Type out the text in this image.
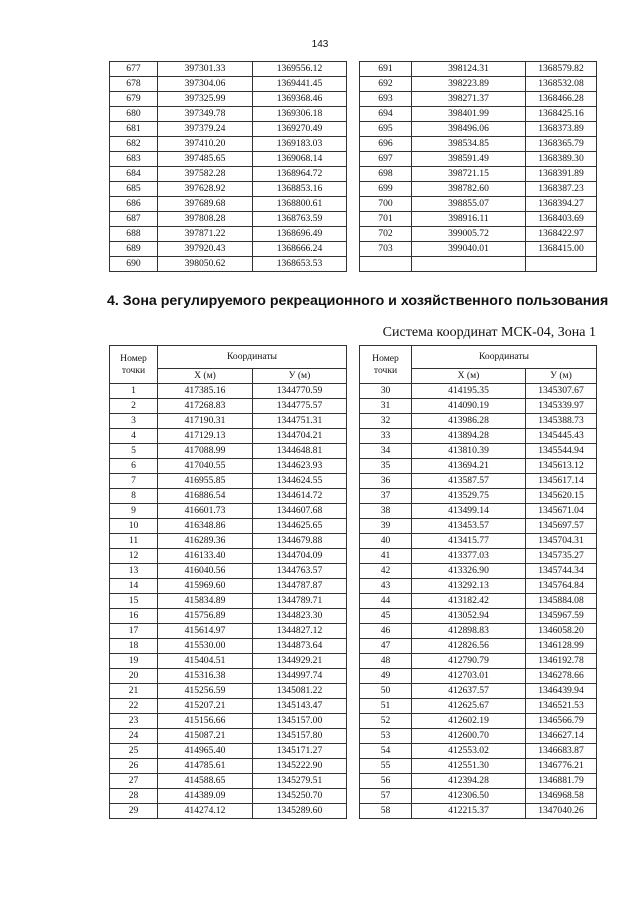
143
677	397301.33	1369556.12
678	397304.06	1369441.45
679	397325.99	1369368.46
680	397349.78	1369306.18
681	397379.24	1369270.49
682	397410.20	1369183.03
683	397485.65	1369068.14
684	397582.28	1368964.72
685	397628.92	1368853.16
686	397689.68	1368800.61
687	397808.28	1368763.59
688	397871.22	1368696.49
689	397920.43	1368666.24
690	398050.62	1368653.53
691	398124.31	1368579.82
692	398223.89	1368532.08
693	398271.37	1368466.28
694	398401.99	1368425.16
695	398496.06	1368373.89
696	398534.85	1368365.79
697	398591.49	1368389.30
698	398721.15	1368391.89
699	398782.60	1368387.23
700	398855.07	1368394.27
701	398916.11	1368403.69
702	399005.72	1368422.97
703	399040.01	1368415.00

4. Зона регулируемого рекреационного и хозяйственного пользования
Система координат МСК-04, Зона 1
Номер
точки	Координаты	
	X (м)	У (м)
1	417385.16	1344770.59
2	417268.83	1344775.57
3	417190.31	1344751.31
4	417129.13	1344704.21
5	417088.99	1344648.81
6	417040.55	1344623.93
7	416955.85	1344624.55
8	416886.54	1344614.72
9	416601.73	1344607.68
10	416348.86	1344625.65
11	416289.36	1344679.88
12	416133.40	1344704.09
13	416040.56	1344763.57
14	415969.60	1344787.87
15	415834.89	1344789.71
16	415756.89	1344823.30
17	415614.97	1344827.12
18	415530.00	1344873.64
19	415404.51	1344929.21
20	415316.38	1344997.74
21	415256.59	1345081.22
22	415207.21	1345143.47
23	415156.66	1345157.00
24	415087.21	1345157.80
25	414965.40	1345171.27
26	414785.61	1345222.90
27	414588.65	1345279.51
28	414389.09	1345250.70
29	414274.12	1345289.60
Номер
точки	Координаты	
	X (м)	У (м)
30	414195.35	1345307.67
31	414090.19	1345339.97
32	413986.28	1345388.73
33	413894.28	1345445.43
34	413810.39	1345544.94
35	413694.21	1345613.12
36	413587.57	1345617.14
37	413529.75	1345620.15
38	413499.14	1345671.04
39	413453.57	1345697.57
40	413415.77	1345704.31
41	413377.03	1345735.27
42	413326.90	1345744.34
43	413292.13	1345764.84
44	413182.42	1345884.08
45	413052.94	1345967.59
46	412898.83	1346058.20
47	412826.56	1346128.99
48	412790.79	1346192.78
49	412703.01	1346278.66
50	412637.57	1346439.94
51	412625.67	1346521.53
52	412602.19	1346566.79
53	412600.70	1346627.14
54	412553.02	1346683.87
55	412551.30	1346776.21
56	412394.28	1346881.79
57	412306.50	1346968.58
58	412215.37	1347040.26
